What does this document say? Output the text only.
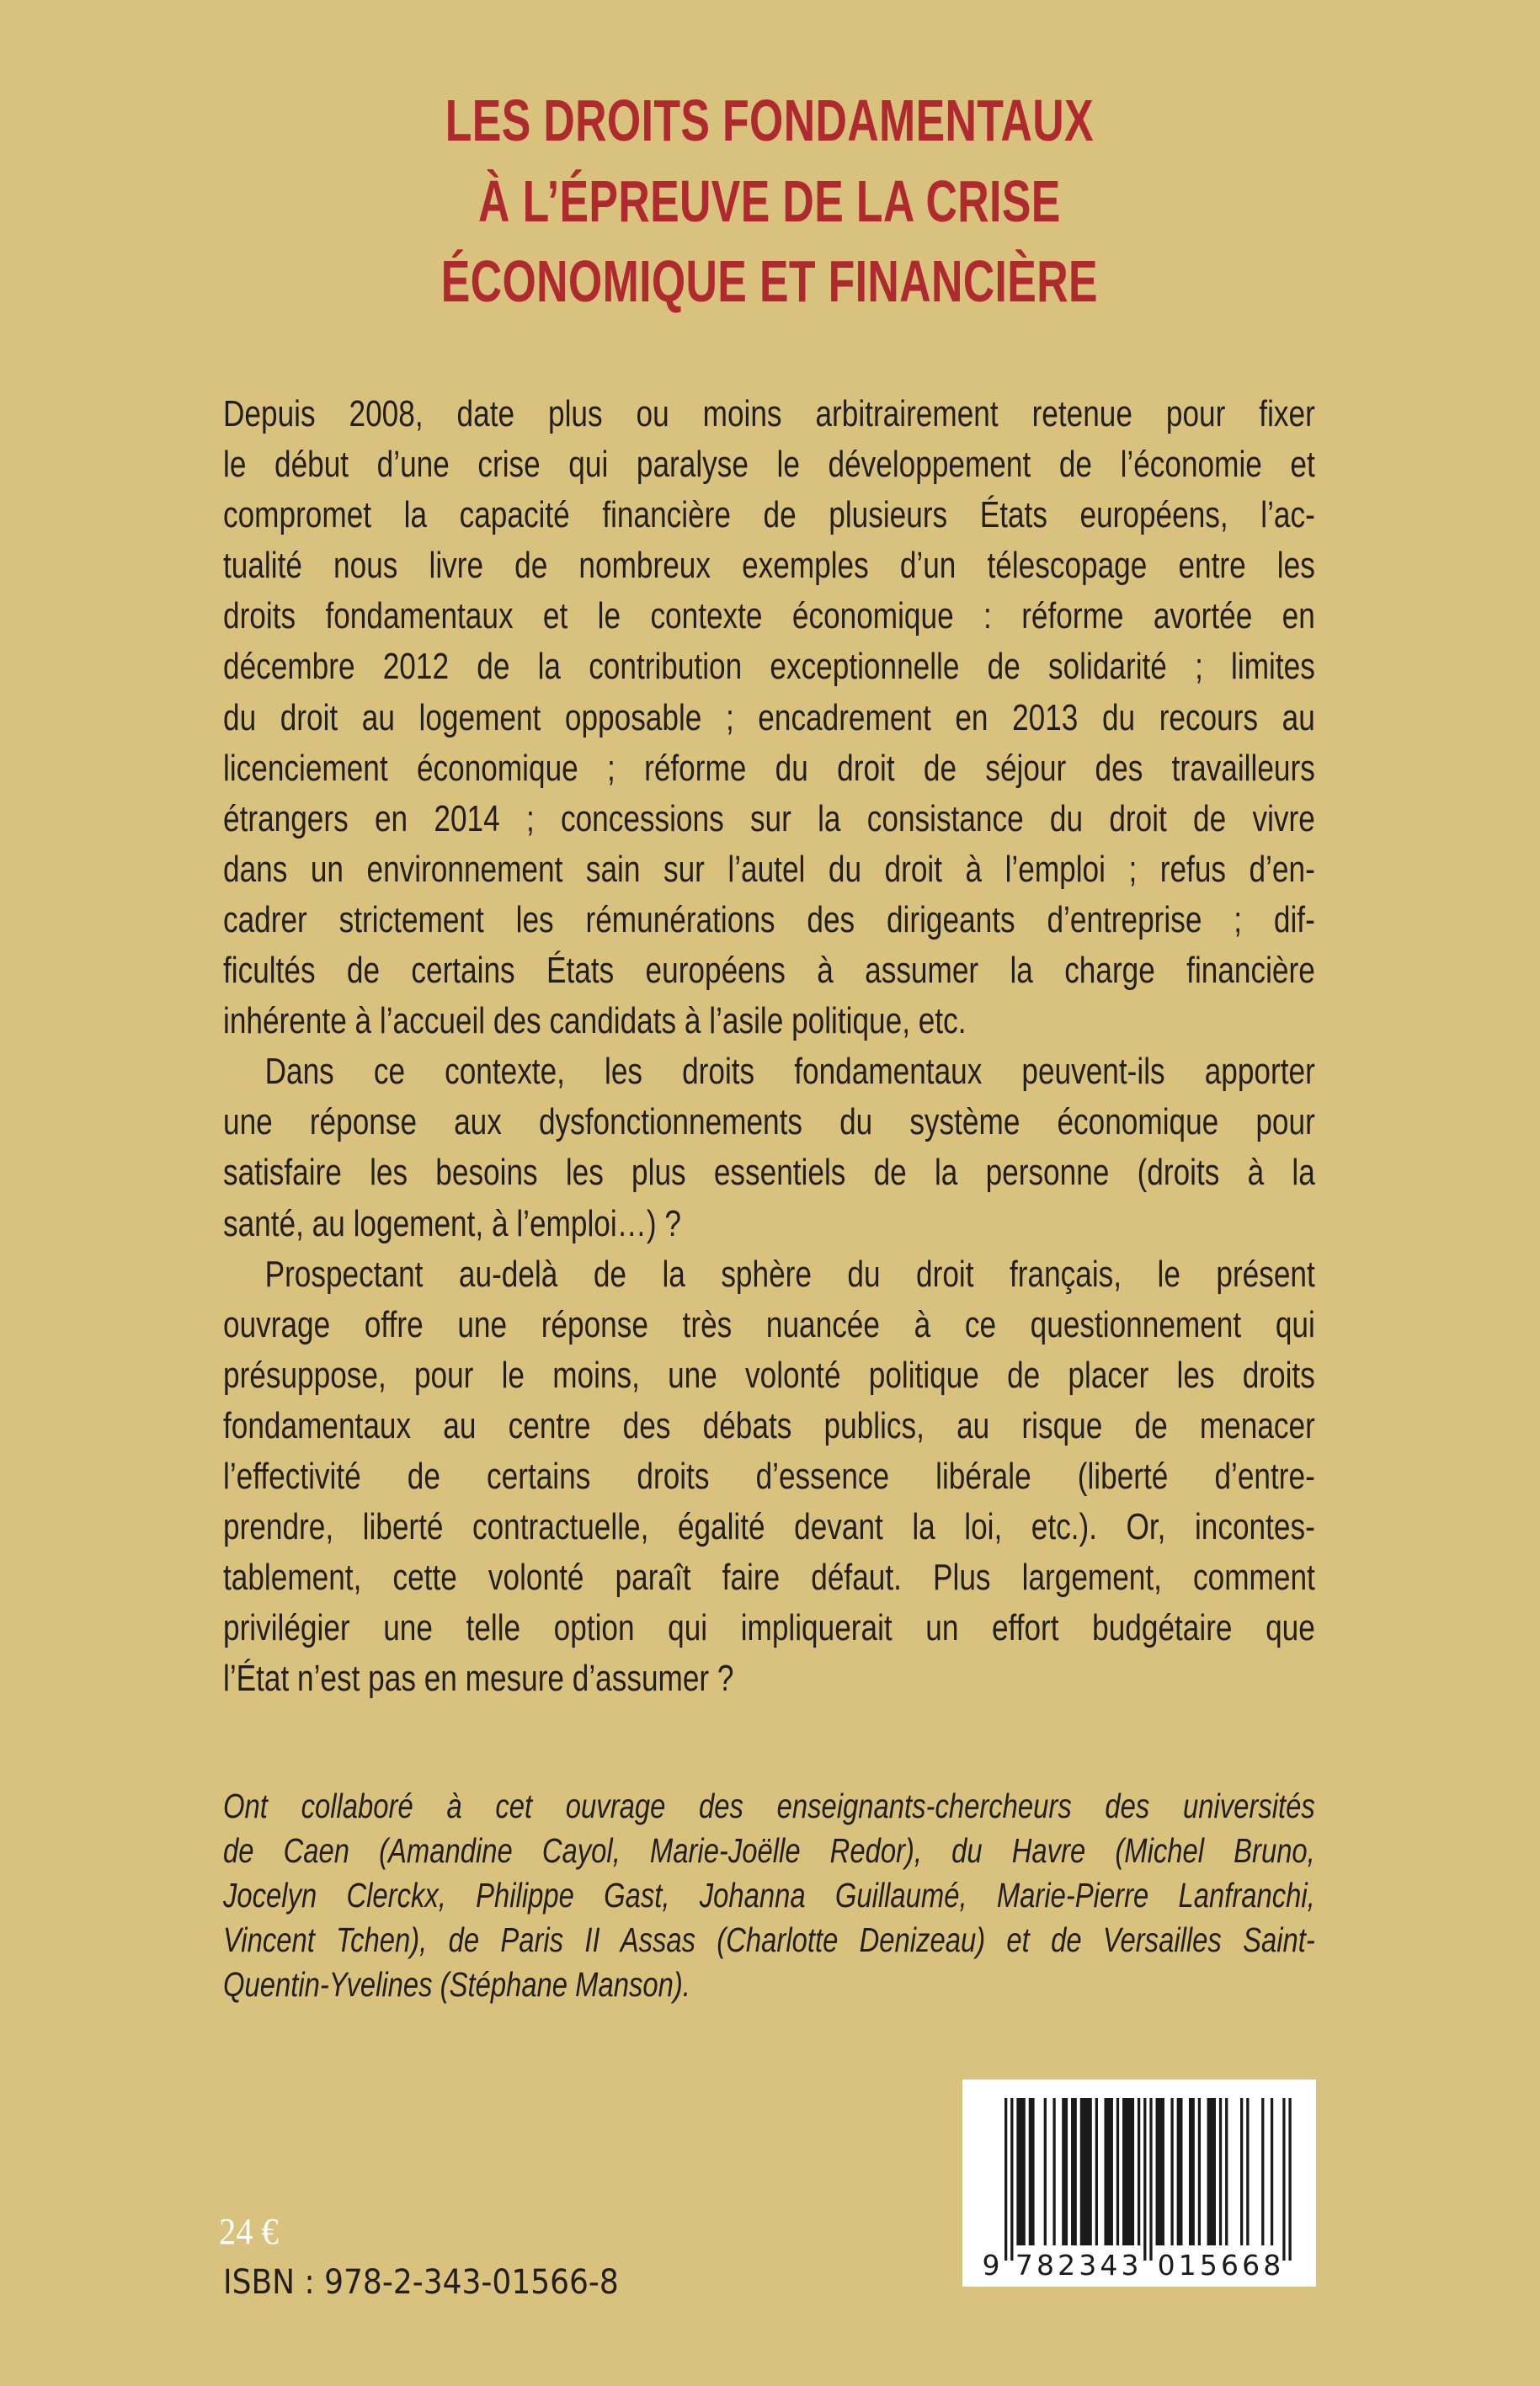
LES DROITS FONDAMENTAUX
À L’ÉPREUVE DE LA CRISE
ÉCONOMIQUE ET FINANCIÈRE
Depuis 2008, date plus ou moins arbitrairement retenue pour fixer
le début d’une crise qui paralyse le développement de l’économie et
compromet la capacité financière de plusieurs États européens, l’ac-
tualité nous livre de nombreux exemples d’un télescopage entre les
droits fondamentaux et le contexte économique : réforme avortée en
décembre 2012 de la contribution exceptionnelle de solidarité ; limites
du droit au logement opposable ; encadrement en 2013 du recours au
licenciement économique ; réforme du droit de séjour des travailleurs
étrangers en 2014 ; concessions sur la consistance du droit de vivre
dans un environnement sain sur l’autel du droit à l’emploi ; refus d’en-
cadrer strictement les rémunérations des dirigeants d’entreprise ; dif-
ficultés de certains États européens à assumer la charge financière
inhérente à l’accueil des candidats à l’asile politique, etc.
Dans ce contexte, les droits fondamentaux peuvent-ils apporter
une réponse aux dysfonctionnements du système économique pour
satisfaire les besoins les plus essentiels de la personne (droits à la
santé, au logement, à l’emploi…) ?
Prospectant au-delà de la sphère du droit français, le présent
ouvrage offre une réponse très nuancée à ce questionnement qui
présuppose, pour le moins, une volonté politique de placer les droits
fondamentaux au centre des débats publics, au risque de menacer
l’effectivité de certains droits d’essence libérale (liberté d’entre-
prendre, liberté contractuelle, égalité devant la loi, etc.). Or, incontes-
tablement, cette volonté paraît faire défaut. Plus largement, comment
privilégier une telle option qui impliquerait un effort budgétaire que
l’État n’est pas en mesure d’assumer ?
Ont collaboré à cet ouvrage des enseignants-chercheurs des universités
de Caen (Amandine Cayol, Marie-Joëlle Redor), du Havre (Michel Bruno,
Jocelyn Clerckx, Philippe Gast, Johanna Guillaumé, Marie-Pierre Lanfranchi,
Vincent Tchen), de Paris II Assas (Charlotte Denizeau) et de Versailles Saint-
Quentin-Yvelines (Stéphane Manson).
24 €
ISBN : 978-2-343-01566-8	9 7 8 2 3 4 3 0 1 5 6 6 8
